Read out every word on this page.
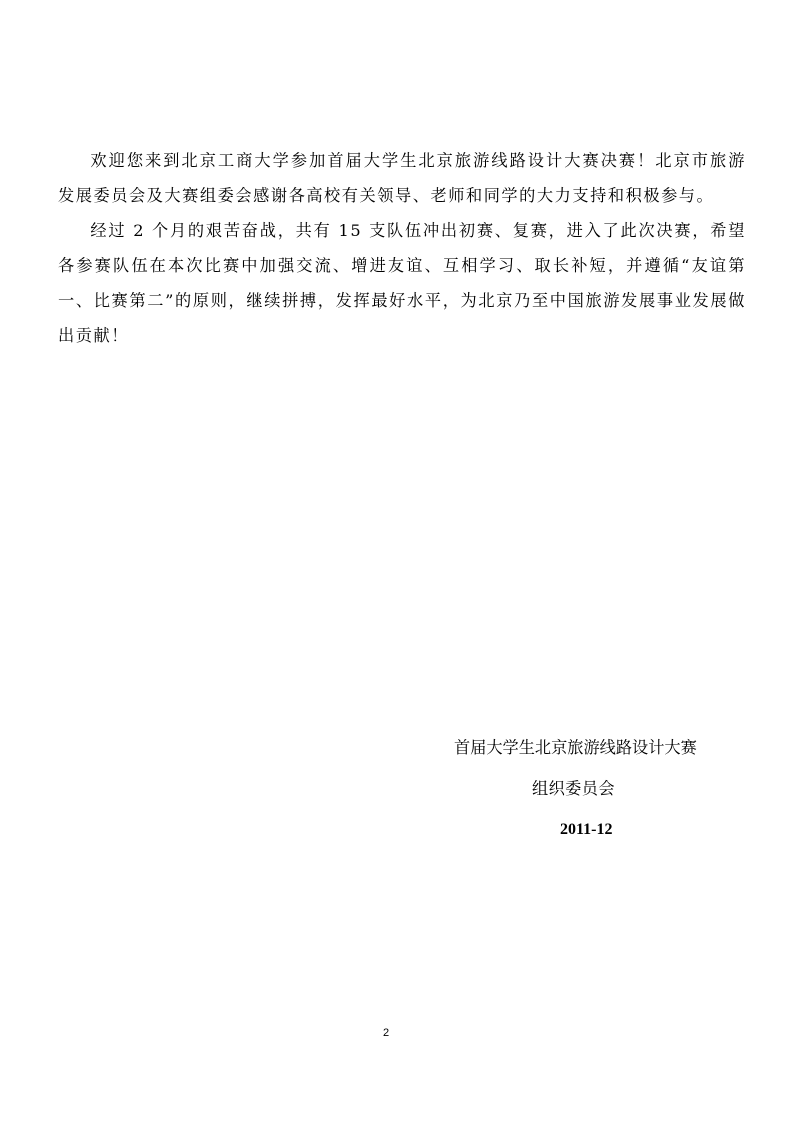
欢迎您来到北京工商大学参加首届大学生北京旅游线路设计大赛决赛！北京市旅游发展委员会及大赛组委会感谢各高校有关领导、老师和同学的大力支持和积极参与。

经过 2 个月的艰苦奋战，共有 15 支队伍冲出初赛、复赛，进入了此次决赛，希望各参赛队伍在本次比赛中加强交流、增进友谊、互相学习、取长补短，并遵循“友谊第一、比赛第二”的原则，继续拼搏，发挥最好水平，为北京乃至中国旅游发展事业发展做出贡献！

首届大学生北京旅游线路设计大赛
组织委员会
2011-12
2
